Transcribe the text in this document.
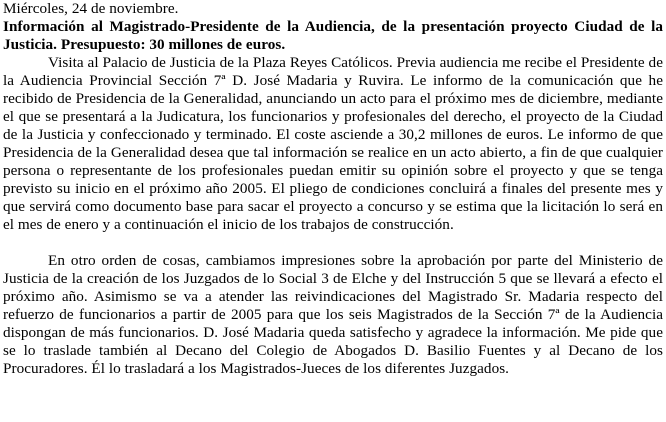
Miércoles, 24 de noviembre.

Información al Magistrado-Presidente de la Audiencia, de la presentación proyecto Ciudad de la Justicia. Presupuesto: 30 millones de euros.

Visita al Palacio de Justicia de la Plaza Reyes Católicos. Previa audiencia me recibe el Presidente de la Audiencia Provincial Sección 7ª D. José Madaria y Ruvira. Le informo de la comunicación que he recibido de Presidencia de la Generalidad, anunciando un acto para el próximo mes de diciembre, mediante el que se presentará a la Judicatura, los funcionarios y profesionales del derecho, el proyecto de la Ciudad de la Justicia y confeccionado y terminado. El coste asciende a 30,2 millones de euros. Le informo de que Presidencia de la Generalidad desea que tal información se realice en un acto abierto, a fin de que cualquier persona o representante de los profesionales puedan emitir su opinión sobre el proyecto y que se tenga previsto su inicio en el próximo año 2005. El pliego de condiciones concluirá a finales del presente mes y que servirá como documento base para sacar el proyecto a concurso y se estima que la licitación lo será en el mes de enero y a continuación el inicio de los trabajos de construcción.

En otro orden de cosas, cambiamos impresiones sobre la aprobación por parte del Ministerio de Justicia de la creación de los Juzgados de lo Social 3 de Elche y del Instrucción 5 que se llevará a efecto el próximo año. Asimismo se va a atender las reivindicaciones del Magistrado Sr. Madaria respecto del refuerzo de funcionarios a partir de 2005 para que los seis Magistrados de la Sección 7ª de la Audiencia dispongan de más funcionarios. D. José Madaria queda satisfecho y agradece la información. Me pide que se lo traslade también al Decano del Colegio de Abogados D. Basilio Fuentes y al Decano de los Procuradores. Él lo trasladará a los Magistrados-Jueces de los diferentes Juzgados.
